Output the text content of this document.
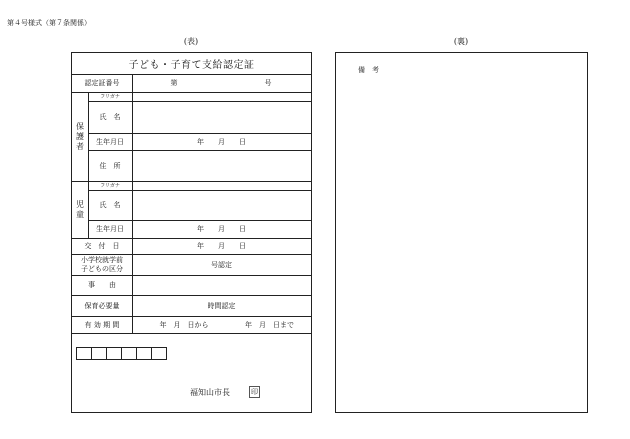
第４号様式（第７条関係）
(表)	(裏)
子ども・子育て支給認定証
認定証番号	第	号
保護者
フリガナ
氏　名
生年月日	年　　月　　日
住　所
児童
フリガナ
氏　名
生年月日	年　　月　　日
交　付　日	年　　月　　日
小学校就学前
子どもの区分	号認定
事　　由
保育必要量	時間認定
有 効 期 間	年　月　日から	年　月　日まで
福知山市長	印
備　考
